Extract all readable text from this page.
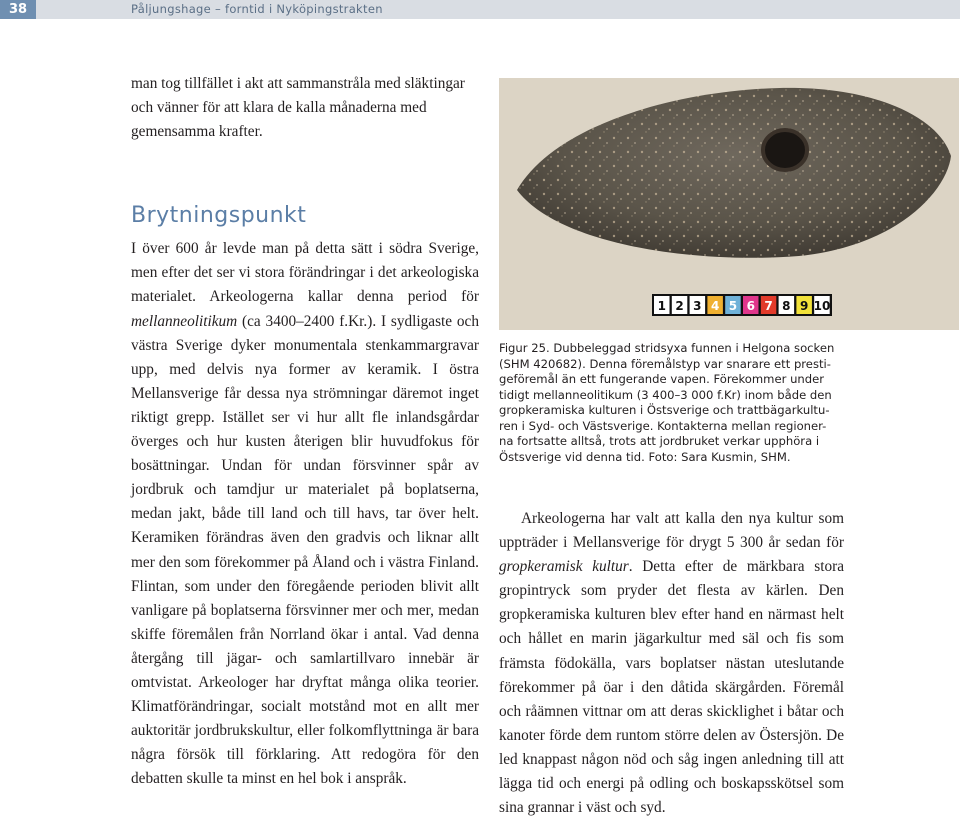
38	Påljungshage – forntid i Nyköpingstrakten

man tog tillfället i akt att sammanstråla med släktingar och vänner för att klara de kalla månaderna med gemensamma krafter.

Brytningspunkt

I över 600 år levde man på detta sätt i södra Sverige, men efter det ser vi stora förändringar i det arkeologiska materialet. Arkeologerna kallar denna period för mellanneolitikum (ca 3400–2400 f.Kr.). I sydligaste och västra Sverige dyker monumentala stenkammargravar upp, med delvis nya former av keramik. I östra Mellansverige får dessa nya strömningar däremot inget riktigt grepp. Istället ser vi hur allt fle inlandsgårdar överges och hur kusten återigen blir huvudfokus för bosättningar. Undan för undan försvinner spår av jordbruk och tamdjur ur materialet på boplatserna, medan jakt, både till land och till havs, tar över helt. Keramiken förändras även den gradvis och liknar allt mer den som förekommer på Åland och i västra Finland. Flintan, som under den föregående perioden blivit allt vanligare på boplatserna försvinner mer och mer, medan skiffe föremålen från Norrland ökar i antal. Vad denna återgång till jägar- och samlartillvaro innebär är omtvistat. Arkeologer har dryftat många olika teorier. Klimatförändringar, socialt motstånd mot en allt mer auktoritär jordbrukskultur, eller folkomflyttninga är bara några försök till förklaring. Att redogöra för den debatten skulle ta minst en hel bok i anspråk.

1 2 3 4 5 6 7 8 9 10
Figur 25. Dubbeleggad stridsyxa funnen i Helgona socken
(SHM 420682). Denna föremålstyp var snarare ett presti-
geföremål än ett fungerande vapen. Förekommer under
tidigt mellanneolitikum (3 400–3 000 f.Kr) inom både den
gropkeramiska kulturen i Östsverige och trattbägarkultu-
ren i Syd- och Västsverige. Kontakterna mellan regioner-
na fortsatte alltså, trots att jordbruket verkar upphöra i
Östsverige vid denna tid. Foto: Sara Kusmin, SHM.

Arkeologerna har valt att kalla den nya kultur som uppträder i Mellansverige för drygt 5 300 år sedan för gropkeramisk kultur. Detta efter de märkbara stora gropintryck som pryder det flesta av kärlen. Den gropkeramiska kulturen blev efter hand en närmast helt och hållet en marin jägarkultur med säl och fis som främsta födokälla, vars boplatser nästan uteslutande förekommer på öar i den dåtida skärgården. Föremål och råämnen vittnar om att deras skicklighet i båtar och kanoter förde dem runtom större delen av Östersjön. De led knappast någon nöd och såg ingen anledning till att lägga tid och energi på odling och boskapsskötsel som sina grannar i väst och syd.
